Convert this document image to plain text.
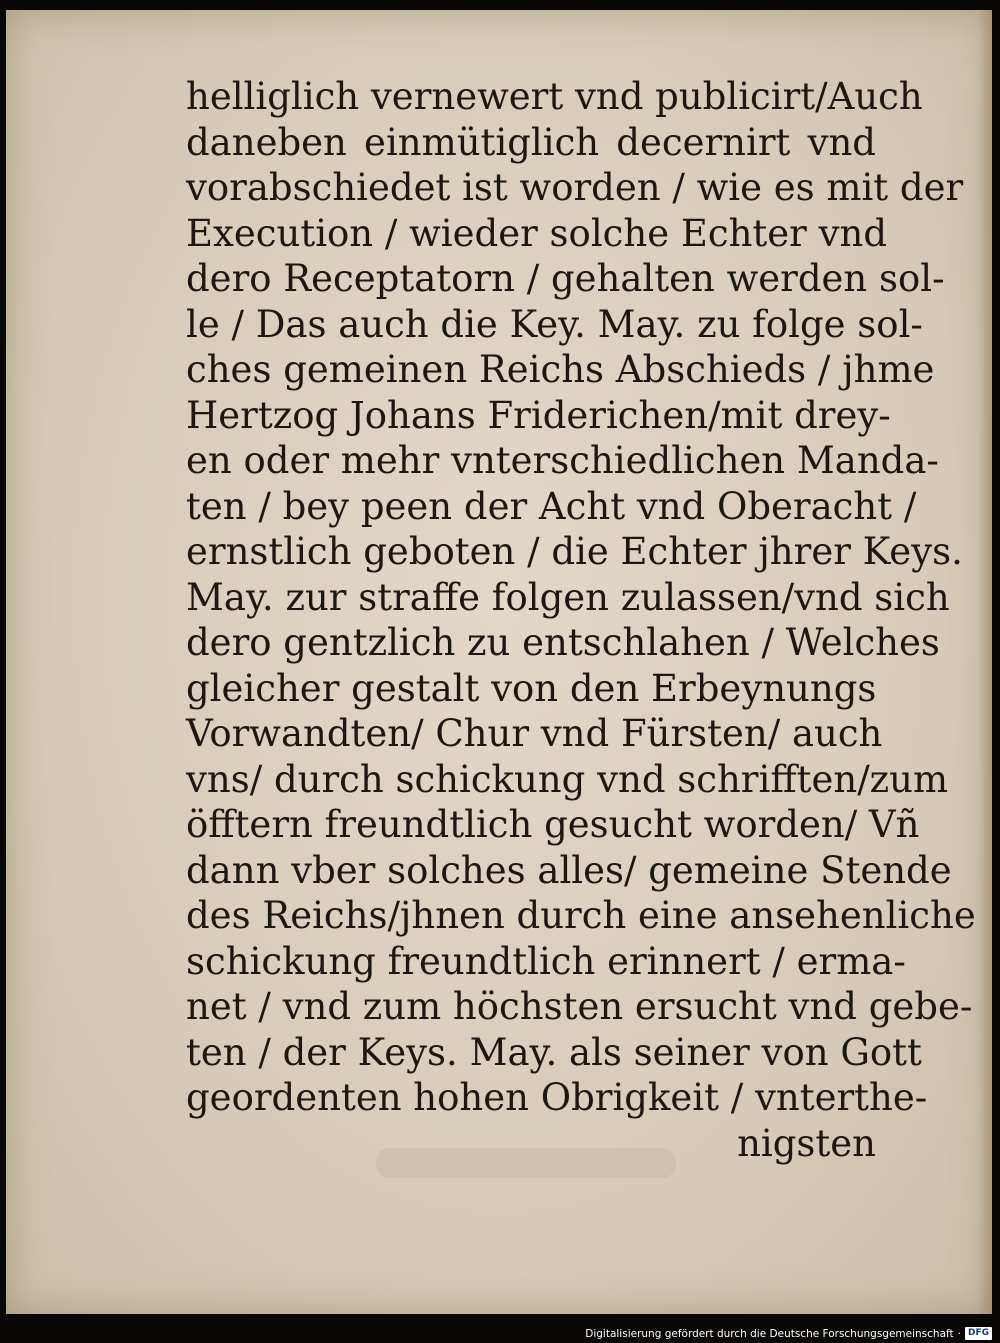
helliglich vernewert vnd publicirt/Auch
daneben einmütiglich decernirt vnd
vorabschiedet ist worden / wie es mit der
Execution / wieder solche Echter vnd
dero Receptatorn / gehalten werden sol-
le / Das auch die Key. May. zu folge sol-
ches gemeinen Reichs Abschieds / jhme
Hertzog Johans Friderichen/mit drey-
en oder mehr vnterschiedlichen Manda-
ten / bey peen der Acht vnd Oberacht /
ernstlich geboten / die Echter jhrer Keys.
May. zur straffe folgen zulassen/vnd sich
dero gentzlich zu entschlahen / Welches
gleicher gestalt von den Erbeynungs
Vorwandten/ Chur vnd Fürsten/ auch
vns/ durch schickung vnd schrifften/zum
öfftern freundtlich gesucht worden/ Vñ
dann vber solches alles/ gemeine Stende
des Reichs/jhnen durch eine ansehenliche
schickung freundtlich erinnert / erma-
net / vnd zum höchsten ersucht vnd gebe-
ten / der Keys. May. als seiner von Gott
geordenten hohen Obrigkeit / vnterthe-
nigsten
Digitalisierung gefördert durch die Deutsche Forschungsgemeinschaft · DFG
